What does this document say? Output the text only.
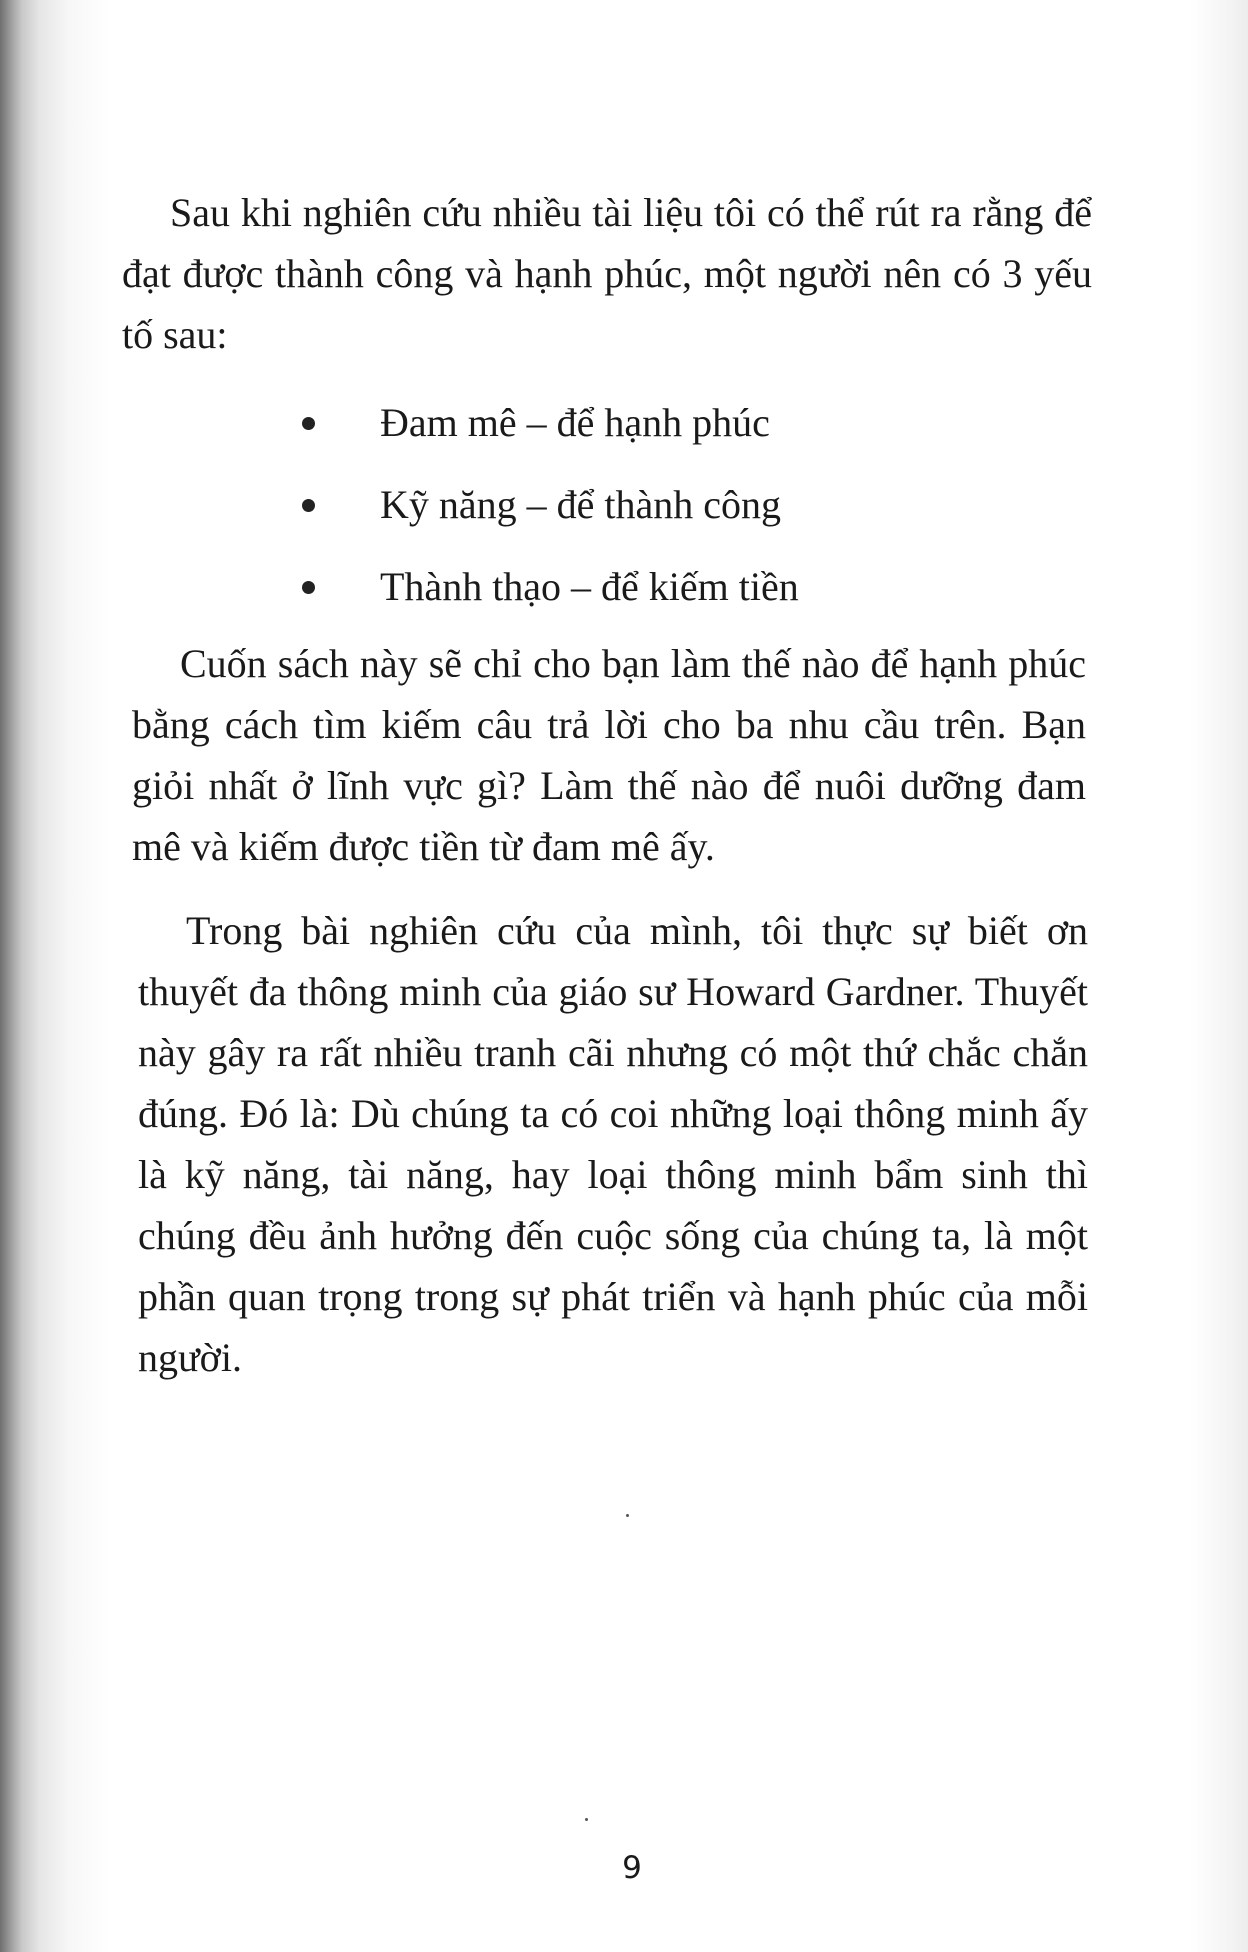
Sau khi nghiên cứu nhiều tài liệu tôi có thể rút ra rằng để đạt được thành công và hạnh phúc, một người nên có 3 yếu tố sau:

Đam mê – để hạnh phúc
Kỹ năng – để thành công
Thành thạo – để kiếm tiền

Cuốn sách này sẽ chỉ cho bạn làm thế nào để hạnh phúc bằng cách tìm kiếm câu trả lời cho ba nhu cầu trên. Bạn giỏi nhất ở lĩnh vực gì? Làm thế nào để nuôi dưỡng đam mê và kiếm được tiền từ đam mê ấy.

Trong bài nghiên cứu của mình, tôi thực sự biết ơn thuyết đa thông minh của giáo sư Howard Gardner. Thuyết này gây ra rất nhiều tranh cãi nhưng có một thứ chắc chắn đúng. Đó là: Dù chúng ta có coi những loại thông minh ấy là kỹ năng, tài năng, hay loại thông minh bẩm sinh thì chúng đều ảnh hưởng đến cuộc sống của chúng ta, là một phần quan trọng trong sự phát triển và hạnh phúc của mỗi người.

9
